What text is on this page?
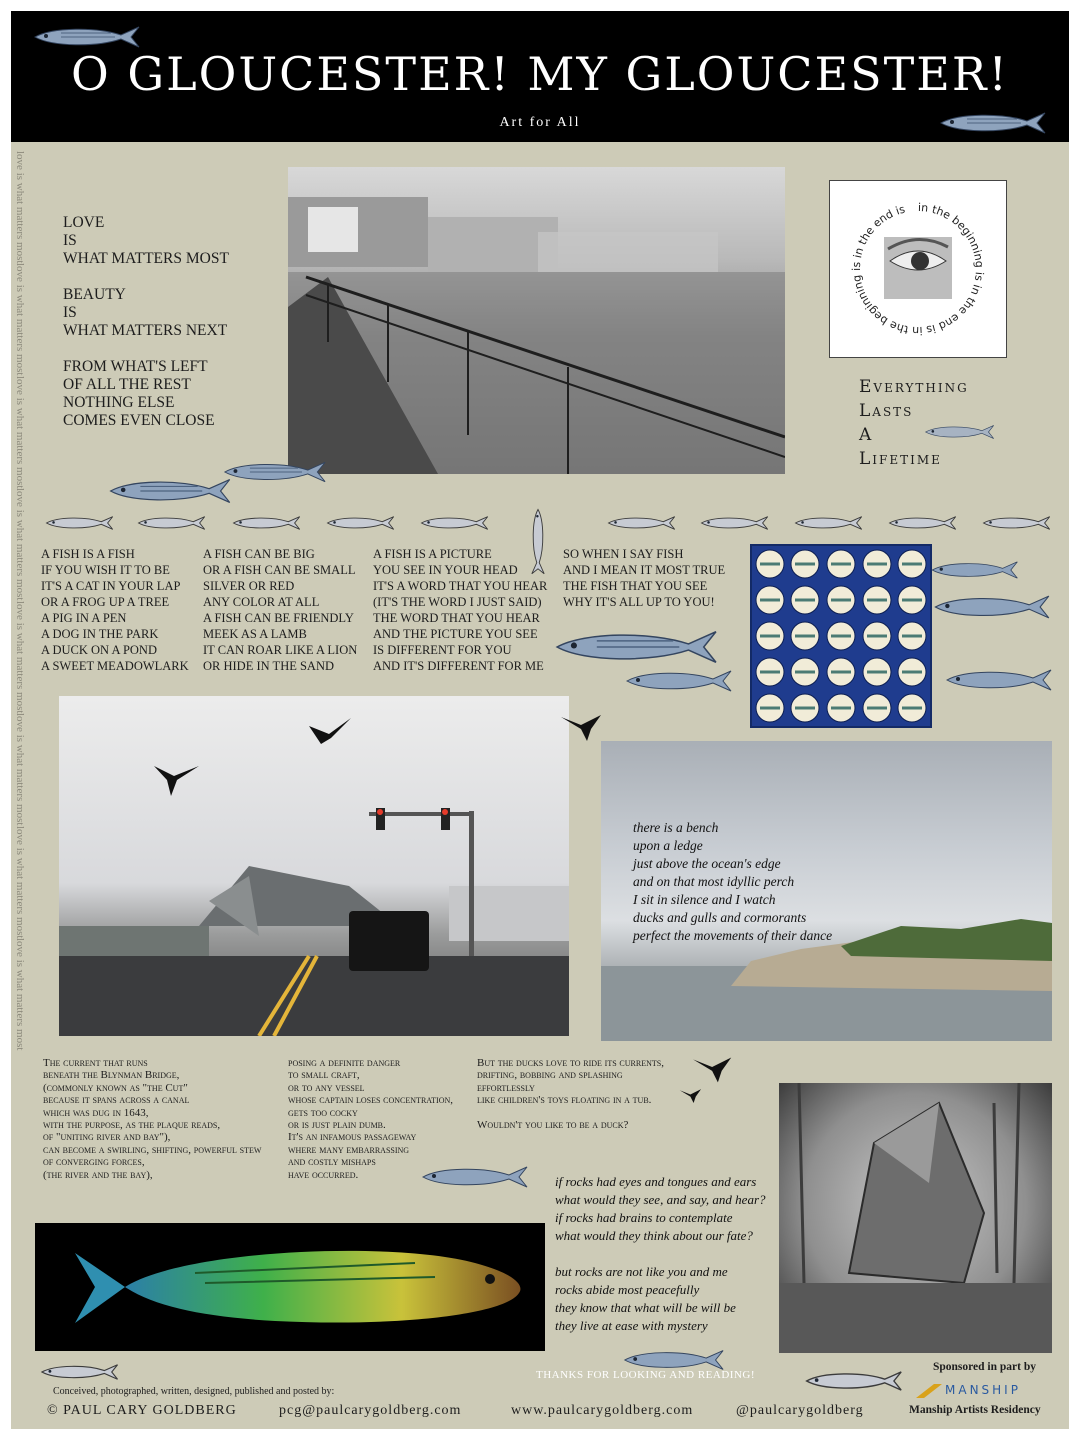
O GLOUCESTER! MY GLOUCESTER!
Art for All
love is what matters most
love is what matters most
love is what matters most
love is what matters most
love is what matters most
love is what matters most
love is what matters most
love is what matters most
LOVE
IS
WHAT MATTERS MOST

BEAUTY
IS
WHAT MATTERS NEXT

FROM WHAT'S LEFT
OF ALL THE REST
NOTHING ELSE
COMES EVEN CLOSE
in the beginning is in the end is in the beginning is in the end is
Everything
Lasts
A
Lifetime
A FISH IS A FISH
IF YOU WISH IT TO BE
IT'S A CAT IN YOUR LAP
OR A FROG UP A TREE
A PIG IN A PEN
A DOG IN THE PARK
A DUCK ON A POND
A SWEET MEADOWLARK
A FISH CAN BE BIG
OR A FISH CAN BE SMALL
SILVER OR RED
ANY COLOR AT ALL
A FISH CAN BE FRIENDLY
MEEK AS A LAMB
IT CAN ROAR LIKE A LION
OR HIDE IN THE SAND
A FISH IS A PICTURE
YOU SEE IN YOUR HEAD
IT'S A WORD THAT YOU HEAR
(IT'S THE WORD I JUST SAID)
THE WORD THAT YOU HEAR
AND THE PICTURE YOU SEE
IS DIFFERENT FOR YOU
AND IT'S DIFFERENT FOR ME
SO WHEN I SAY FISH
AND I MEAN IT MOST TRUE
THE FISH THAT YOU SEE
WHY IT'S ALL UP TO YOU!
there is a bench
upon a ledge
just above the ocean's edge
and on that most idyllic perch
I sit in silence and I watch
ducks and gulls and cormorants
perfect the movements of their dance
The current that runs
beneath the Blynman Bridge,
(commonly known as "the Cut"
because it spans across a canal
which was dug in 1643,
with the purpose, as the plaque reads,
of "uniting river and bay"),
can become a swirling, shifting, powerful stew
of converging forces,
(the river and the bay),
posing a definite danger
to small craft,
or to any vessel
whose captain loses concentration,
gets too cocky
or is just plain dumb.
It's an infamous passageway
where many embarrassing
and costly mishaps
have occurred.
But the ducks love to ride its currents,
drifting, bobbing and splashing
effortlessly
like children's toys floating in a tub.

Wouldn't you like to be a duck?
if rocks had eyes and tongues and ears
what would they see, and say, and hear?
if rocks had brains to contemplate
what would they think about our fate?

but rocks are not like you and me
rocks abide most peacefully
they know that what will be will be
they live at ease with mystery
THANKS FOR LOOKING AND READING!
Conceived, photographed, written, designed, published and posted by:
© PAUL CARY GOLDBERG	pcg@paulcarygoldberg.com	www.paulcarygoldberg.com	@paulcarygoldberg
Sponsored in part by
MANSHIP
Manship Artists Residency
